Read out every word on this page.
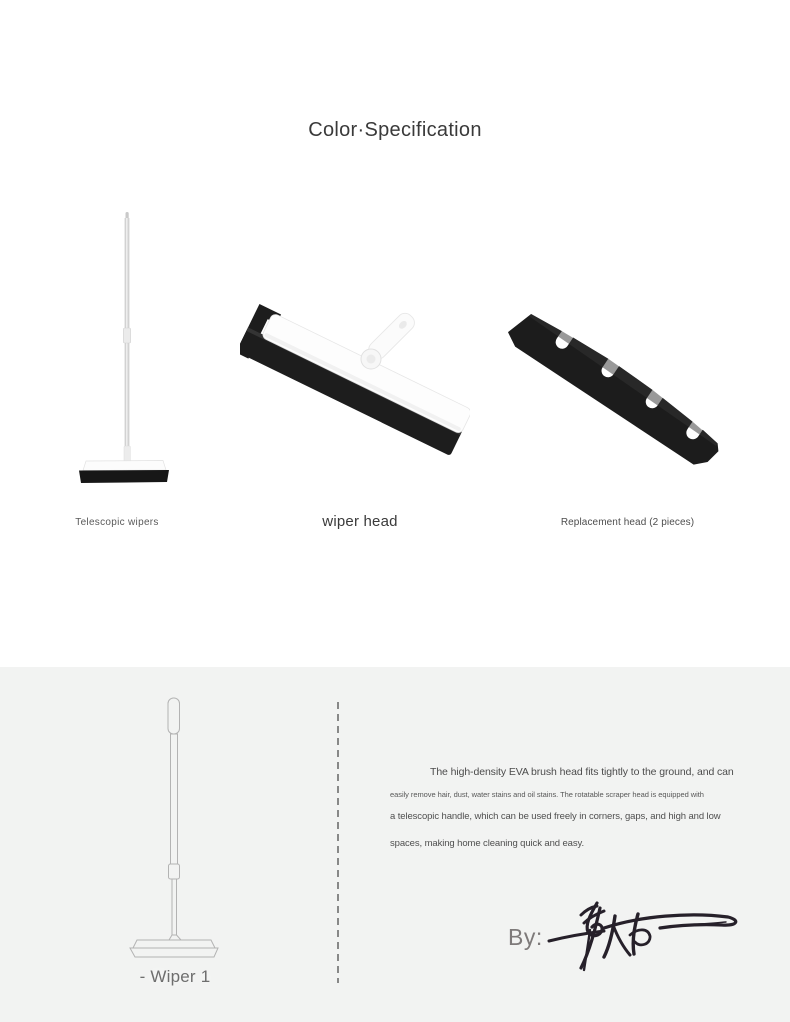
Color·Specification
Telescopic wipers	wiper head	Replacement head (2 pieces)
The high-density EVA brush head fits tightly to the ground, and can
easily remove hair, dust, water stains and oil stains. The rotatable scraper head is equipped with
a telescopic handle, which can be used freely in corners, gaps, and high and low
spaces, making home cleaning quick and easy.
By:
- Wiper 1
